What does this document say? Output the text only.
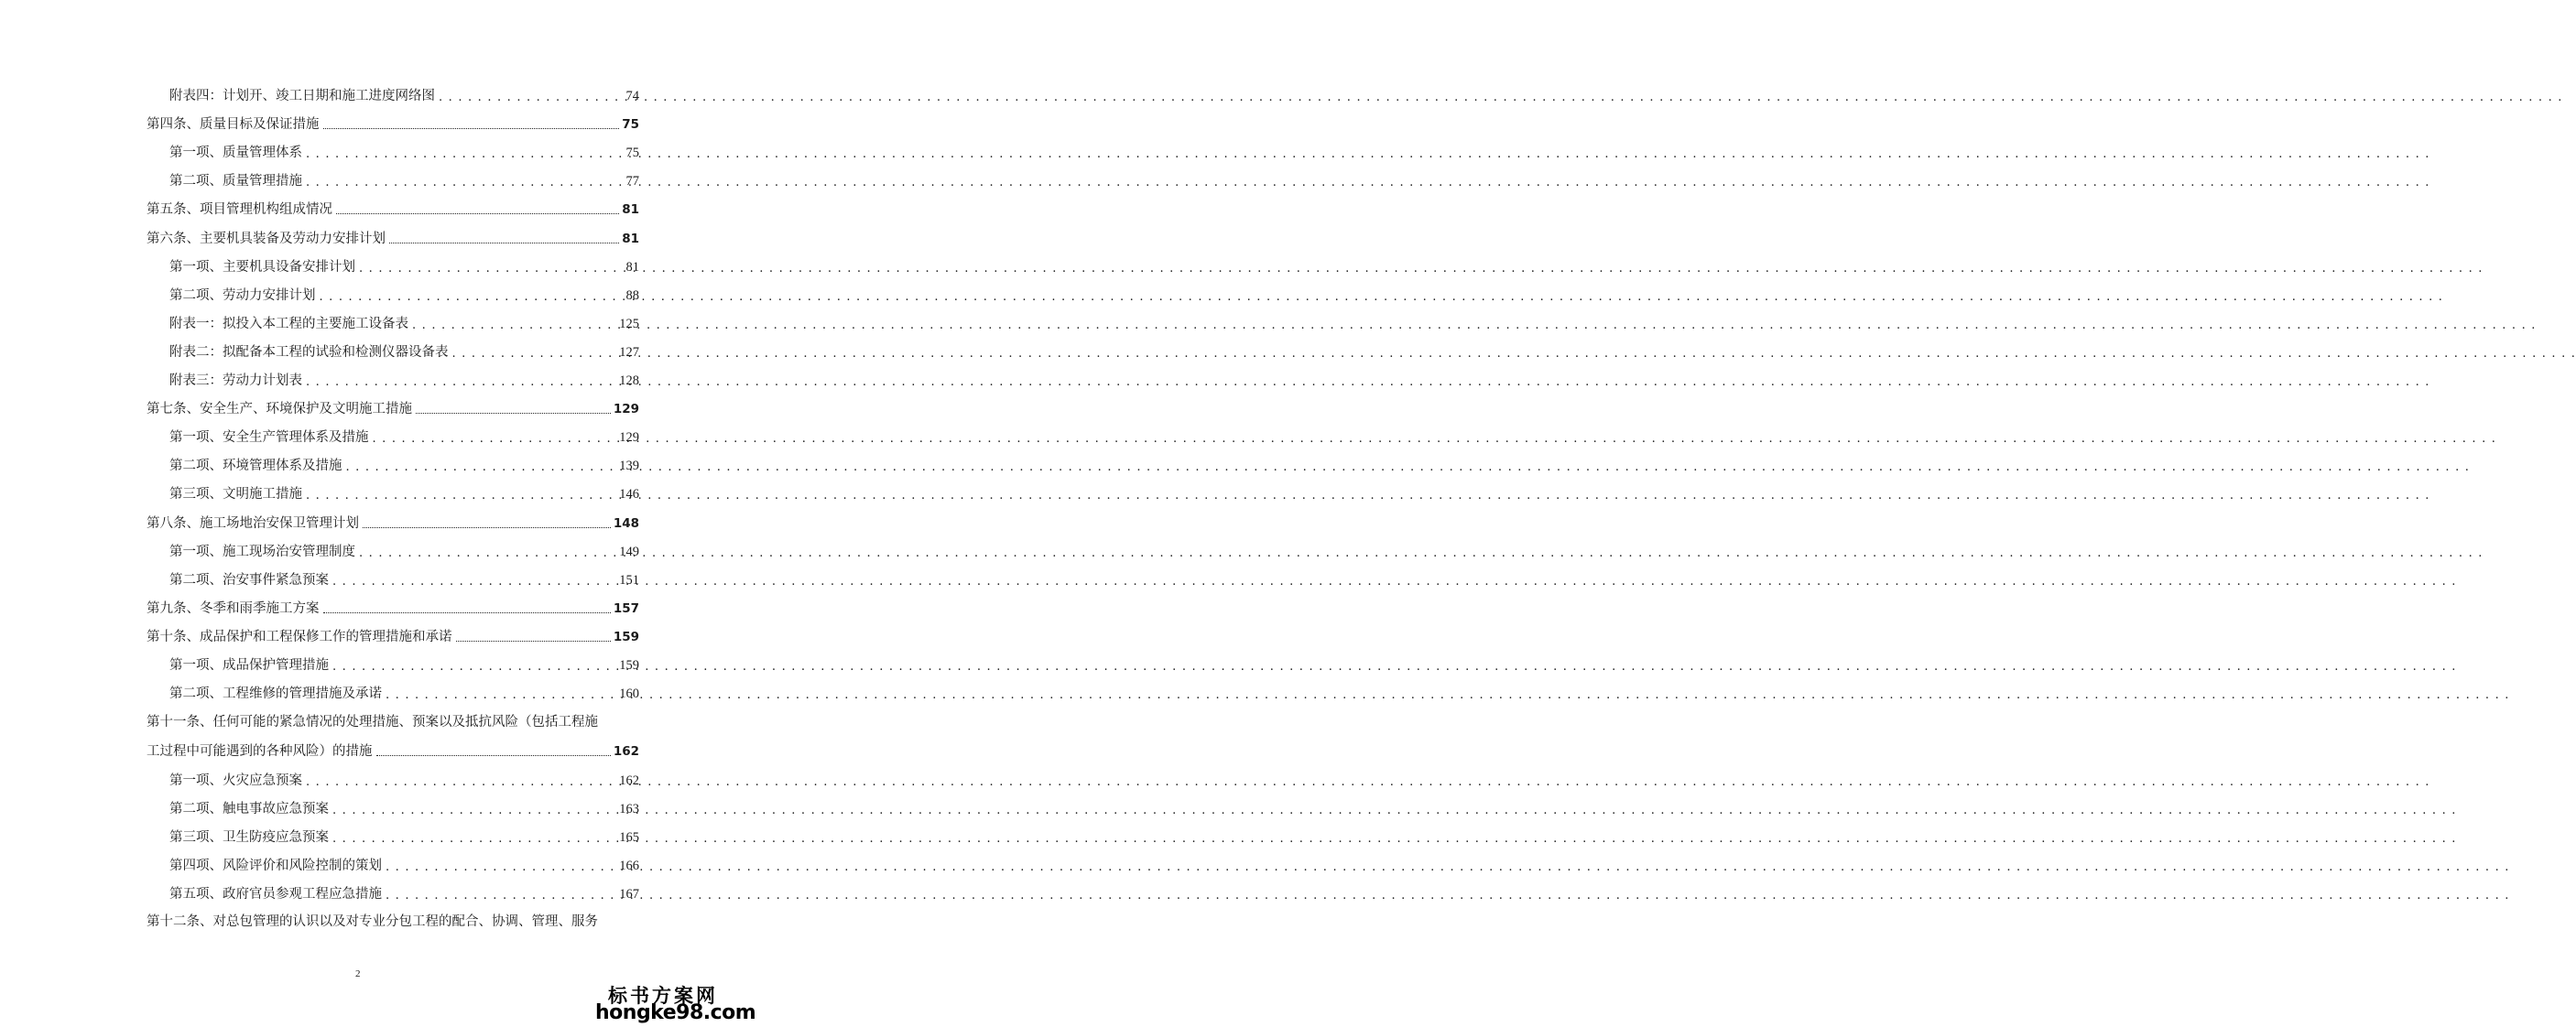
附表四：计划开、竣工日期和施工进度网络图 . . .	74
第四条、质量目标及保证措施	75
第一项、质量管理体系 . . .	75
第二项、质量管理措施 . . .	77
第五条、项目管理机构组成情况	81
第六条、主要机具装备及劳动力安排计划	81
第一项、主要机具设备安排计划 . . .	81
第二项、劳动力安排计划 . . .	88
附表一：拟投入本工程的主要施工设备表 . . .	125
附表二：拟配备本工程的试验和检测仪器设备表 . . .	127
附表三：劳动力计划表 . . .	128
第七条、安全生产、环境保护及文明施工措施	129
第一项、安全生产管理体系及措施 . . .	129
第二项、环境管理体系及措施 . . .	139
第三项、文明施工措施 . . .	146
第八条、施工场地治安保卫管理计划	148
第一项、施工现场治安管理制度 . . .	149
第二项、治安事件紧急预案 . . .	151
第九条、冬季和雨季施工方案	157
第十条、成品保护和工程保修工作的管理措施和承诺	159
第一项、成品保护管理措施 . . .	159
第二项、工程维修的管理措施及承诺 . . .	160
第十一条、任何可能的紧急情况的处理措施、预案以及抵抗风险（包括工程施
工过程中可能遇到的各种风险）的措施	162
第一项、火灾应急预案 . . .	162
第二项、触电事故应急预案 . . .	163
第三项、卫生防疫应急预案 . . .	165
第四项、风险评价和风险控制的策划 . . .	166
第五项、政府官员参观工程应急措施 . . .	167
第十二条、对总包管理的认识以及对专业分包工程的配合、协调、管理、服务
2
标书方案网
hongke98.com
